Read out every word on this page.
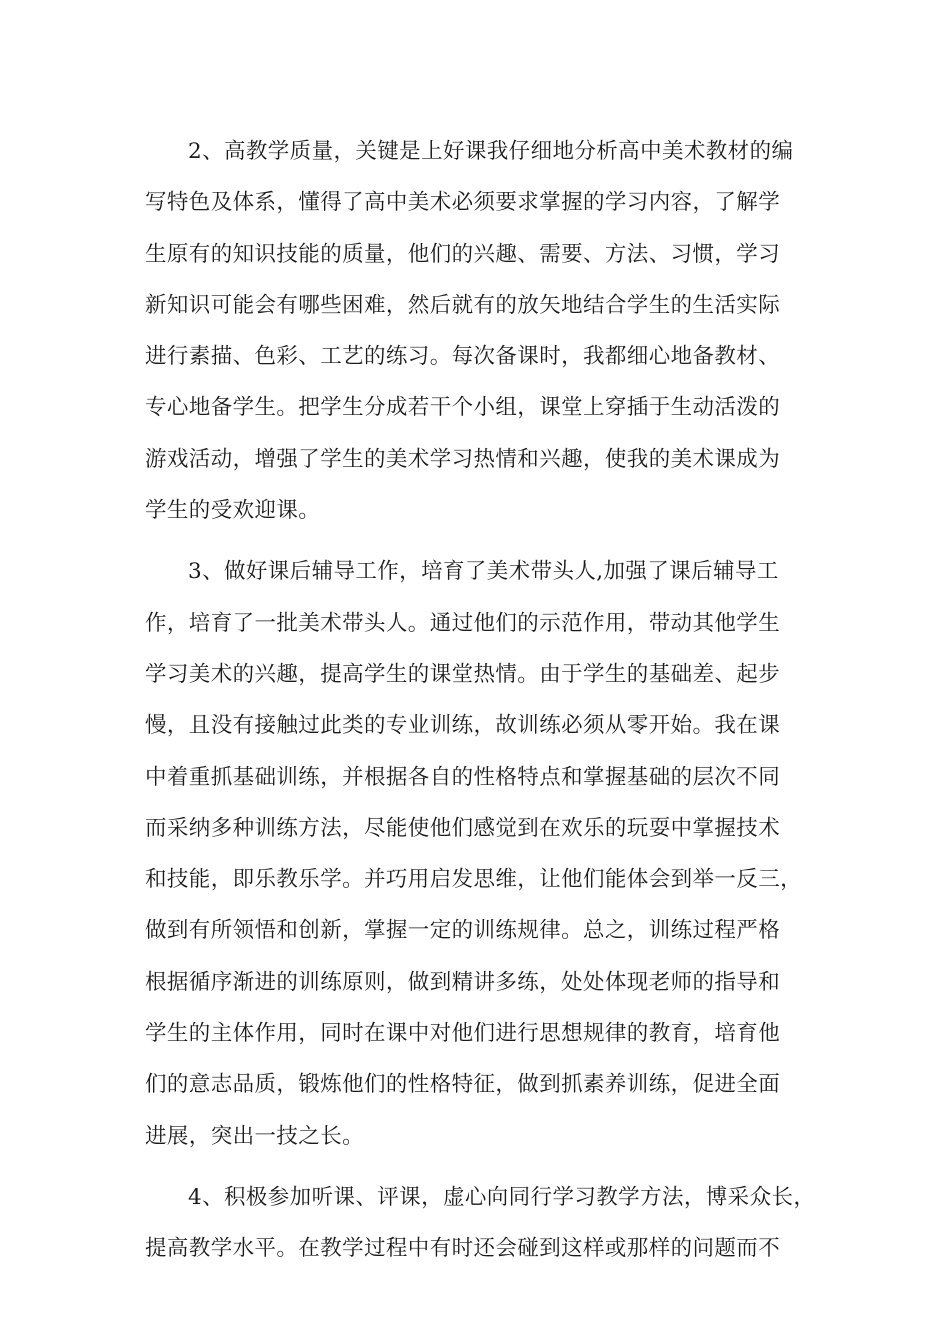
2、高教学质量，关键是上好课我仔细地分析高中美术教材的编
写特色及体系，懂得了高中美术必须要求掌握的学习内容，了解学
生原有的知识技能的质量，他们的兴趣、需要、方法、习惯，学习
新知识可能会有哪些困难，然后就有的放矢地结合学生的生活实际
进行素描、色彩、工艺的练习。每次备课时，我都细心地备教材、
专心地备学生。把学生分成若干个小组，课堂上穿插于生动活泼的
游戏活动，增强了学生的美术学习热情和兴趣，使我的美术课成为
学生的受欢迎课。
3、做好课后辅导工作，培育了美术带头人,加强了课后辅导工
作，培育了一批美术带头人。通过他们的示范作用，带动其他学生
学习美术的兴趣，提高学生的课堂热情。由于学生的基础差、起步
慢，且没有接触过此类的专业训练，故训练必须从零开始。我在课
中着重抓基础训练，并根据各自的性格特点和掌握基础的层次不同
而采纳多种训练方法，尽能使他们感觉到在欢乐的玩耍中掌握技术
和技能，即乐教乐学。并巧用启发思维，让他们能体会到举一反三，
做到有所领悟和创新，掌握一定的训练规律。总之，训练过程严格
根据循序渐进的训练原则，做到精讲多练，处处体现老师的指导和
学生的主体作用，同时在课中对他们进行思想规律的教育，培育他
们的意志品质，锻炼他们的性格特征，做到抓素养训练，促进全面
进展，突出一技之长。
4、积极参加听课、评课，虚心向同行学习教学方法，博采众长，
提高教学水平。在教学过程中有时还会碰到这样或那样的问题而不
